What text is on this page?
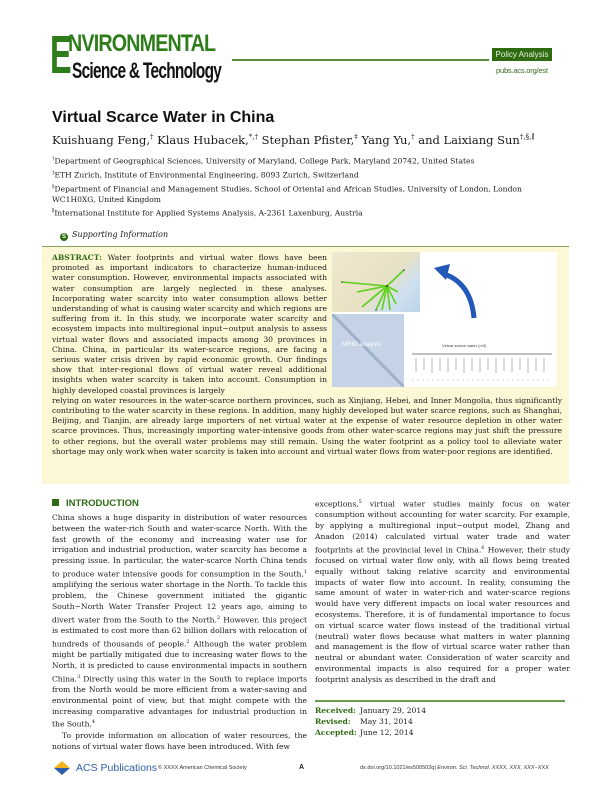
E
NVIRONMENTAL
Science & Technology
Policy Analysis
pubs.acs.org/est
Virtual Scarce Water in China
Kuishuang Feng,† Klaus Hubacek,*,† Stephan Pfister,‡ Yang Yu,† and Laixiang Sun†,§,∥
†Department of Geographical Sciences, University of Maryland, College Park, Maryland 20742, United States
‡ETH Zurich, Institute of Environmental Engineering, 8093 Zurich, Switzerland
§Department of Financial and Management Studies, School of Oriental and African Studies, University of London, London WC1H0XG, United Kingdom
∥International Institute for Applied Systems Analysis, A-2361 Laxenburg, Austria
S Supporting Information
ABSTRACT: Water footprints and virtual water flows have been promoted as important indicators to characterize human-induced water consumption. However, environmental impacts associated with water consumption are largely neglected in these analyses. Incorporating water scarcity into water consumption allows better understanding of what is causing water scarcity and which regions are suffering from it. In this study, we incorporate water scarcity and ecosystem impacts into multiregional input−output analysis to assess virtual water flows and associated impacts among 30 provinces in China. China, in particular its water-scarce regions, are facing a serious water crisis driven by rapid economic growth. Our findings show that inter-regional flows of virtual water reveal additional insights when water scarcity is taken into account. Consumption in highly developed coastal provinces is largely
relying on water resources in the water-scarce northern provinces, such as Xinjiang, Hebei, and Inner Mongolia, thus significantly contributing to the water scarcity in these regions. In addition, many highly developed but water scarce regions, such as Shanghai, Beijing, and Tianjin, are already large importers of net virtual water at the expense of water resource depletion in other water scarce provinces. Thus, increasingly importing water-intensive goods from other water-scarce regions may just shift the pressure to other regions, but the overall water problems may still remain. Using the water footprint as a policy tool to alleviate water shortage may only work when water scarcity is taken into account and virtual water flows from water-poor regions are identified.
MRIO analysis	Virtual scarce water (m3)
INTRODUCTION
China shows a huge disparity in distribution of water resources between the water-rich South and water-scarce North. With the fast growth of the economy and increasing water use for irrigation and industrial production, water scarcity has become a pressing issue. In particular, the water-scarce North China tends to produce water intensive goods for consumption in the South,$^1$ amplifying the serious water shortage in the North. To tackle this problem, the Chinese government initiated the gigantic South−North Water Transfer Project 12 years ago, aiming to divert water from the South to the North.$^2$ However, this project is estimated to cost more than 62 billion dollars with relocation of hundreds of thousands of people.$^2$ Although the water problem might be partially mitigated due to increasing water flows to the North, it is predicted to cause environmental impacts in southern China.$^3$ Directly using this water in the South to replace imports from the North would be more efficient from a water-saving and environmental point of view, but that might compete with the increasing comparative advantages for industrial production in the South.$^4$
To provide information on allocation of water resources, the notions of virtual water flows have been introduced. With few
exceptions,$^5$ virtual water studies mainly focus on water consumption without accounting for water scarcity. For example, by applying a multiregional input−output model, Zhang and Anadon (2014) calculated virtual water trade and water footprints at the provincial level in China.$^6$ However, their study focused on virtual water flow only, with all flows being treated equally without taking relative scarcity and environmental impacts of water flow into account. In reality, consuming the same amount of water in water-rich and water-scarce regions would have very different impacts on local water resources and ecosystems. Therefore, it is of fundamental importance to focus on virtual scarce water flows instead of the traditional virtual (neutral) water flows because what matters in water planning and management is the flow of virtual scarce water rather than neutral or abundant water. Consideration of water scarcity and environmental impacts is also required for a proper water footprint analysis as described in the draft and
Received: January 29, 2014
Revised:	May 31, 2014
Accepted: June 12, 2014
ACS Publications © XXXX American Chemical Society	A	dx.doi.org/10.1021/es500502q| Environ. Sci. Technol. XXXX, XXX, XXX−XXX
